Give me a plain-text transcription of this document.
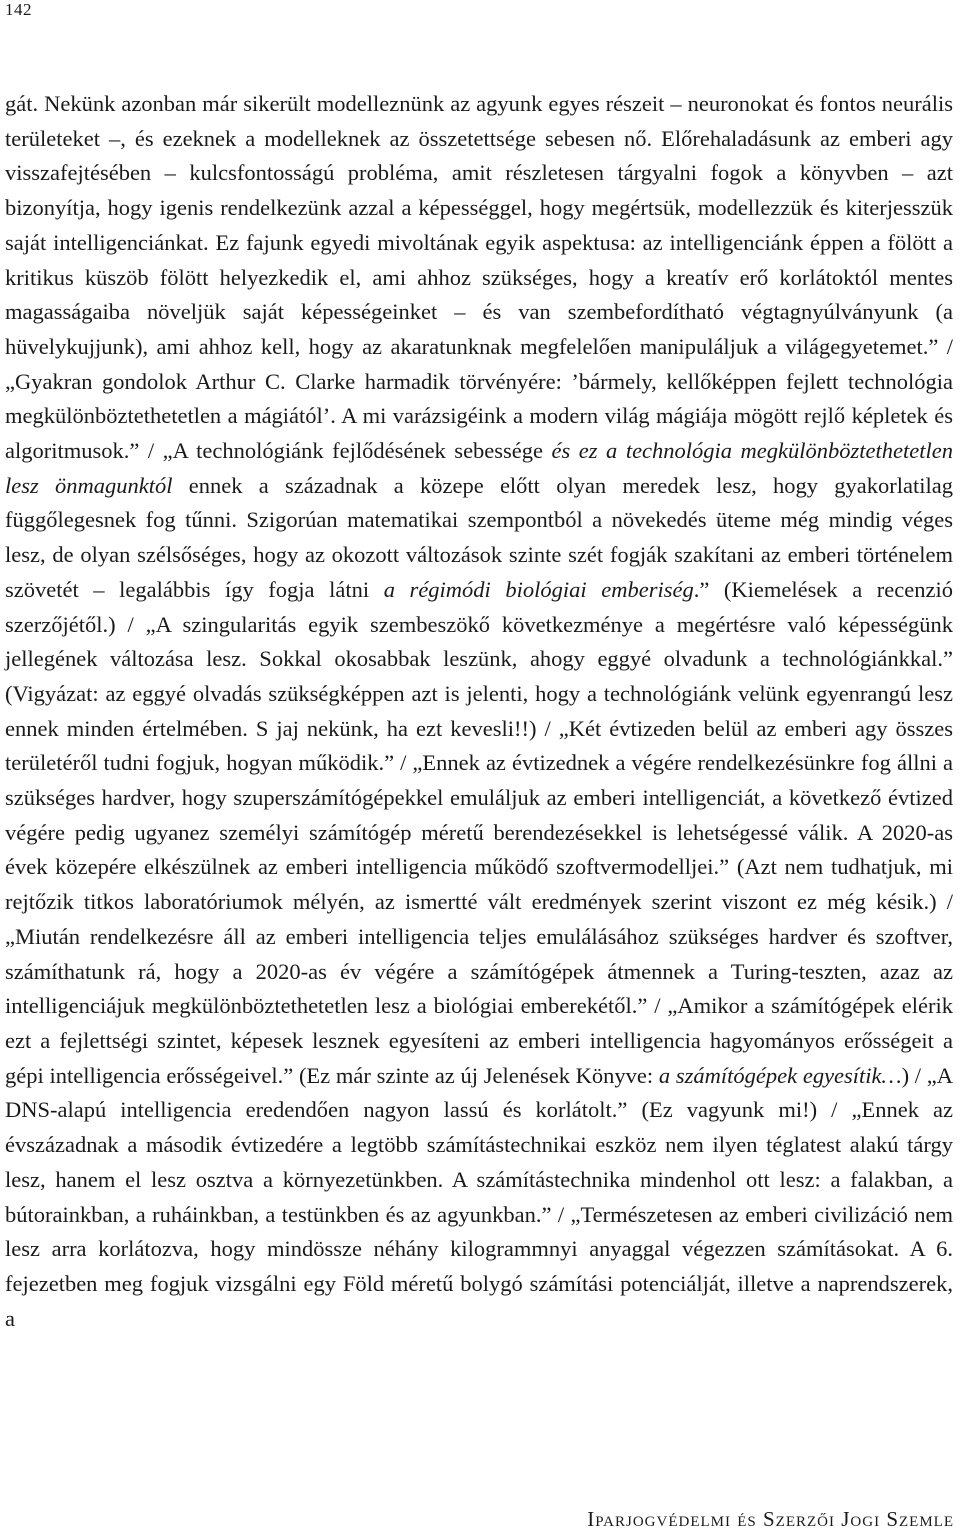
142
gát. Nekünk azonban már sikerült modelleznünk az agyunk egyes részeit – neuronokat és fontos neurális területeket –, és ezeknek a modelleknek az összetettsége sebesen nő. Előrehaladásunk az emberi agy visszafejtésében – kulcsfontosságú probléma, amit részletesen tárgyalni fogok a könyvben – azt bizonyítja, hogy igenis rendelkezünk azzal a képességgel, hogy megértsük, modellezzük és kiterjesszük saját intelligenciánkat. Ez fajunk egyedi mivoltának egyik aspektusa: az intelligenciánk éppen a fölött a kritikus küszöb fölött helyezkedik el, ami ahhoz szükséges, hogy a kreatív erő korlátoktól mentes magasságaiba növeljük saját képességeinket – és van szembefordítható végtagnyúlványunk (a hüvelykujjunk), ami ahhoz kell, hogy az akaratunknak megfelelően manipuláljuk a világegyetemet.” / „Gyakran gondolok Arthur C. Clarke harmadik törvényére: ’bármely, kellőképpen fejlett technológia megkülönböztethetetlen a mágiától’. A mi varázsigéink a modern világ mágiája mögött rejlő képletek és algoritmusok.” / „A technológiánk fejlődésének sebessége és ez a technológia megkülönböztethetetlen lesz önmagunktól ennek a századnak a közepe előtt olyan meredek lesz, hogy gyakorlatilag függőlegesnek fog tűnni. Szigorúan matematikai szempontból a növekedés üteme még mindig véges lesz, de olyan szélsőséges, hogy az okozott változások szinte szét fogják szakítani az emberi történelem szövetét – legalábbis így fogja látni a régimódi biológiai emberiség.” (Kiemelések a recenzió szerzőjétől.) / „A szingularitás egyik szembeszökő következménye a megértésre való képességünk jellegének változása lesz. Sokkal okosabbak leszünk, ahogy eggyé olvadunk a technológiánkkal.” (Vigyázat: az eggyé olvadás szükségképpen azt is jelenti, hogy a technológiánk velünk egyenrangú lesz ennek minden értelmében. S jaj nekünk, ha ezt kevesli!!) / „Két évtizeden belül az emberi agy összes területéről tudni fogjuk, hogyan működik.” / „Ennek az évtizednek a végére rendelkezésünkre fog állni a szükséges hardver, hogy szuperszámítógépekkel emuláljuk az emberi intelligenciát, a következő évtized végére pedig ugyanez személyi számítógép méretű berendezésekkel is lehetségessé válik. A 2020-as évek közepére elkészülnek az emberi intelligencia működő szoftvermodelljei.” (Azt nem tudhatjuk, mi rejtőzik titkos laboratóriumok mélyén, az ismertté vált eredmények szerint viszont ez még késik.) / „Miután rendelkezésre áll az emberi intelligencia teljes emulálásához szükséges hardver és szoftver, számíthatunk rá, hogy a 2020-as év végére a számítógépek átmennek a Turing-teszten, azaz az intelligenciájuk megkülönböztethetetlen lesz a biológiai emberekétől.” / „Amikor a számítógépek elérik ezt a fejlettségi szintet, képesek lesznek egyesíteni az emberi intelligencia hagyományos erősségeit a gépi intelligencia erősségeivel.” (Ez már szinte az új Jelenések Könyve: a számítógépek egyesítik…) / „A DNS-alapú intelligencia eredendően nagyon lassú és korlátolt.” (Ez vagyunk mi!) / „Ennek az évszázadnak a második évtizedére a legtöbb számítástechnikai eszköz nem ilyen téglatest alakú tárgy lesz, hanem el lesz osztva a környezetünkben. A számítástechnika mindenhol ott lesz: a falakban, a bútorainkban, a ruháinkban, a testünkben és az agyunkban.” / „Természetesen az emberi civilizáció nem lesz arra korlátozva, hogy mindössze néhány kilogrammnyi anyaggal végezzen számításokat. A 6. fejezetben meg fogjuk vizsgálni egy Föld méretű bolygó számítási potenciálját, illetve a naprendszerek, a
Iparjogvédelmi és Szerzői Jogi Szemle
